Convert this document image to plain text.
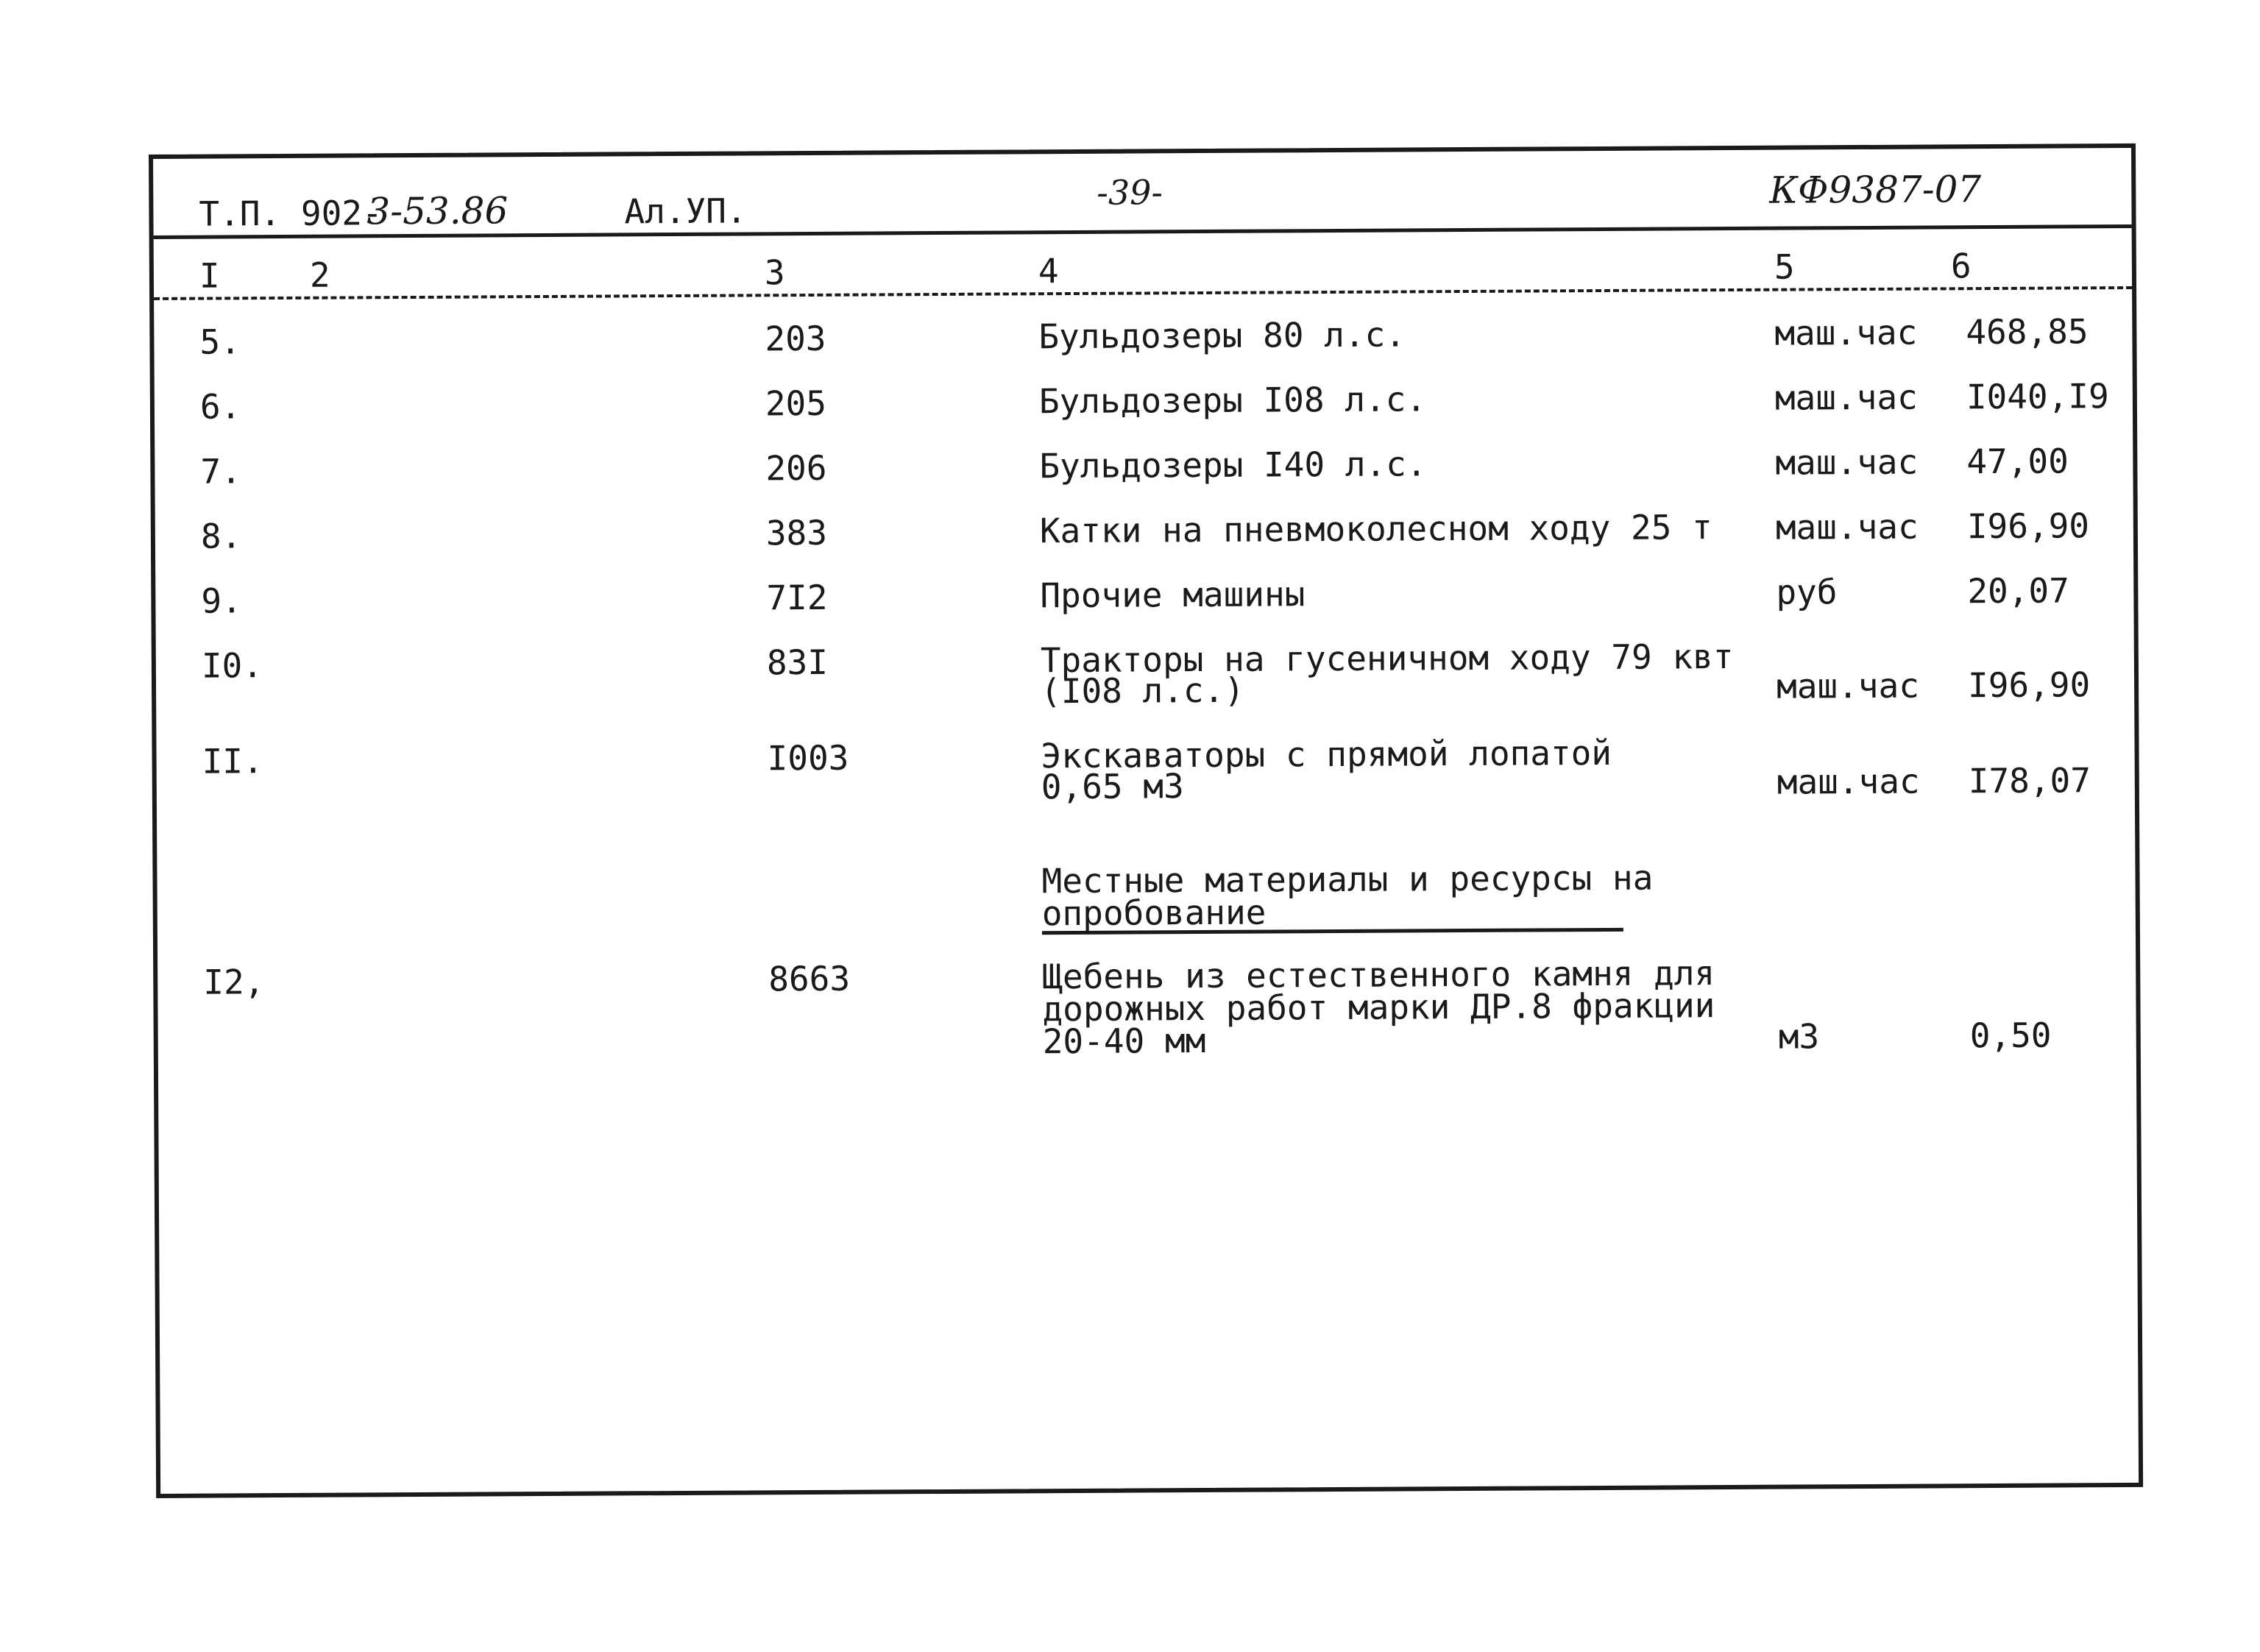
Т.П. 902-
3-53.86	Ал.УП.	-39-	КФ9387-07
I	2	3	4	5	6
5.	203	Бульдозеры 80 л.с.	маш.час 468,85
6.	205	Бульдозеры I08 л.с.	маш.час I040,I9
7.	206	Бульдозеры I40 л.с.	маш.час 47,00
8.	383	Катки на пневмоколесном ходу 25 т маш.час I96,90
9.	7I2	Прочие машины	руб	20,07
I0.	83I	Тракторы на гусеничном ходу 79 квт
(I08 л.с.)	маш.час I96,90
II.	I003	Экскаваторы с прямой лопатой
0,65 м3	маш.час I78,07
Местные материалы и ресурсы на
опробование
I2,	8663	Щебень из естественного камня для
дорожных работ марки ДР.8 фракции
20-40 мм	м3	0,50
